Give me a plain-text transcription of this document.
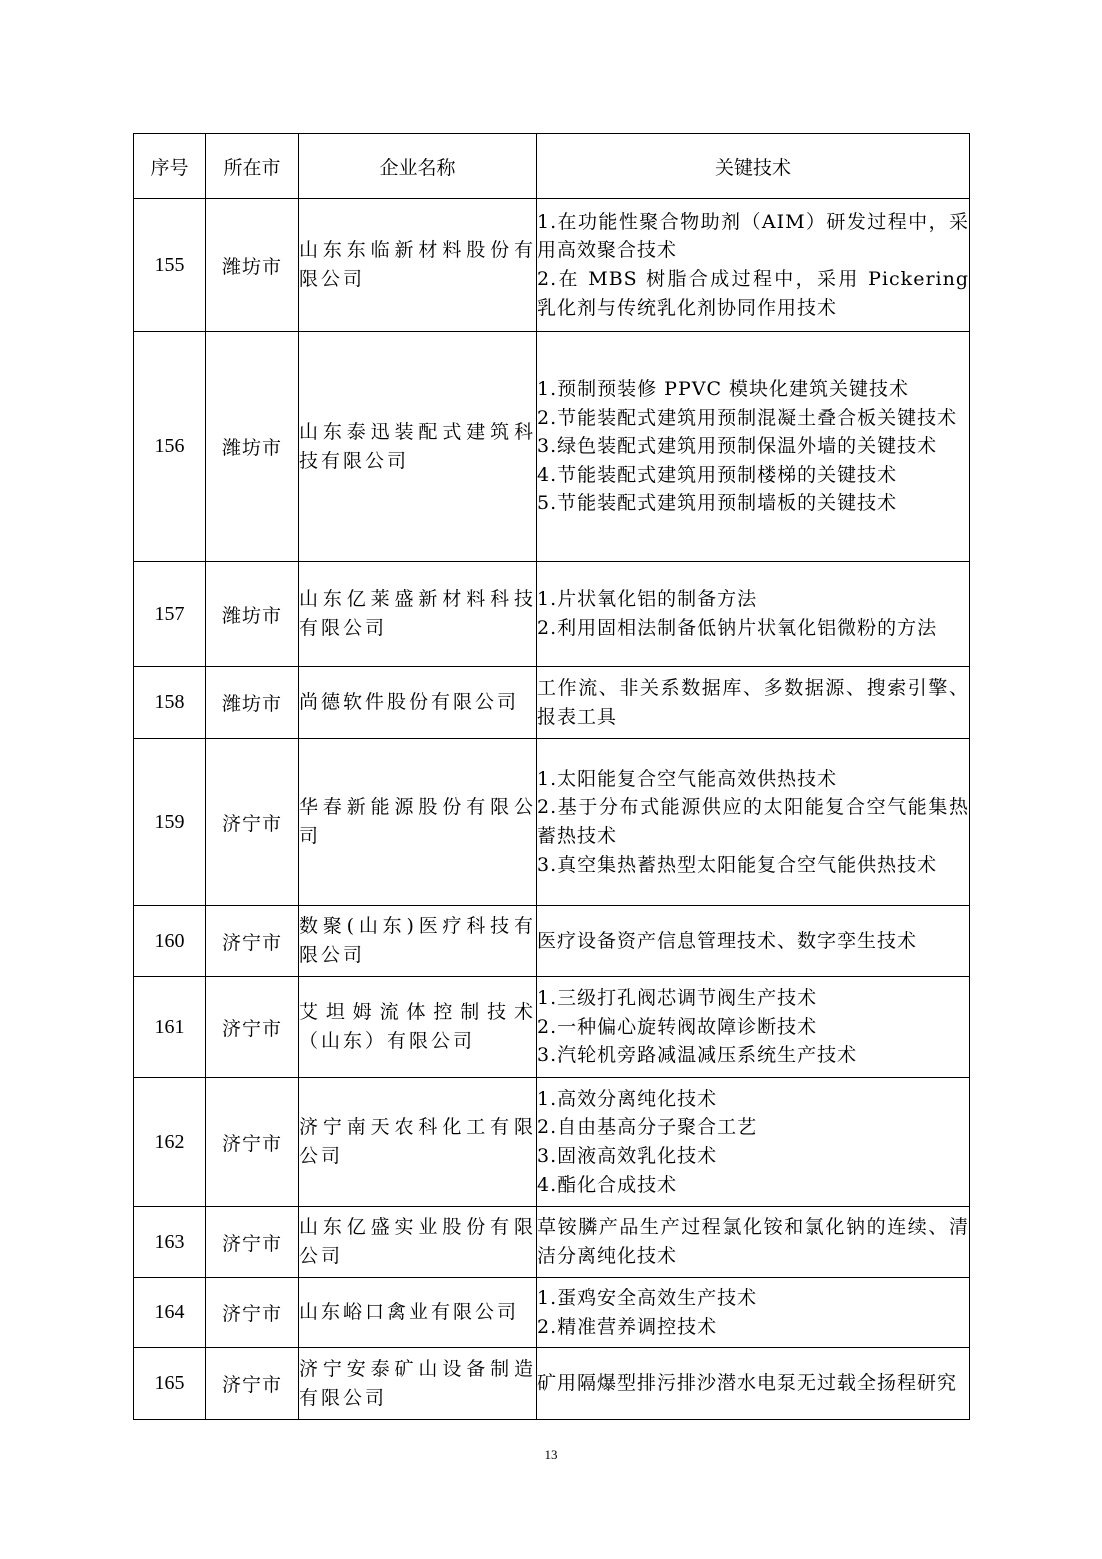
序号	所在市	企业名称	关键技术
155	潍坊市	山东东临新材料股份有限公司	1.在功能性聚合物助剂（AIM）研发过程中，采用高效聚合技术
2.在 MBS 树脂合成过程中，采用 Pickering 乳化剂与传统乳化剂协同作用技术

156	潍坊市	山东泰迅装配式建筑科技有限公司	1.预制预装修 PPVC 模块化建筑关键技术
2.节能装配式建筑用预制混凝土叠合板关键技术
3.绿色装配式建筑用预制保温外墙的关键技术
4.节能装配式建筑用预制楼梯的关键技术
5.节能装配式建筑用预制墙板的关键技术

157	潍坊市	山东亿莱盛新材料科技有限公司	1.片状氧化铝的制备方法
2.利用固相法制备低钠片状氧化铝微粉的方法

158	潍坊市	尚德软件股份有限公司	工作流、非关系数据库、多数据源、搜索引擎、报表工具

159	济宁市	华春新能源股份有限公司	1.太阳能复合空气能高效供热技术
2.基于分布式能源供应的太阳能复合空气能集热蓄热技术
3.真空集热蓄热型太阳能复合空气能供热技术

160	济宁市	数聚(山东)医疗科技有限公司	医疗设备资产信息管理技术、数字孪生技术

161	济宁市	艾坦姆流体控制技术（山东）有限公司	1.三级打孔阀芯调节阀生产技术
2.一种偏心旋转阀故障诊断技术
3.汽轮机旁路减温减压系统生产技术

162	济宁市	济宁南天农科化工有限公司	1.高效分离纯化技术
2.自由基高分子聚合工艺
3.固液高效乳化技术
4.酯化合成技术

163	济宁市	山东亿盛实业股份有限公司	草铵膦产品生产过程氯化铵和氯化钠的连续、清洁分离纯化技术

164	济宁市	山东峪口禽业有限公司	1.蛋鸡安全高效生产技术
2.精准营养调控技术

165	济宁市	济宁安泰矿山设备制造有限公司	矿用隔爆型排污排沙潜水电泵无过载全扬程研究
13
